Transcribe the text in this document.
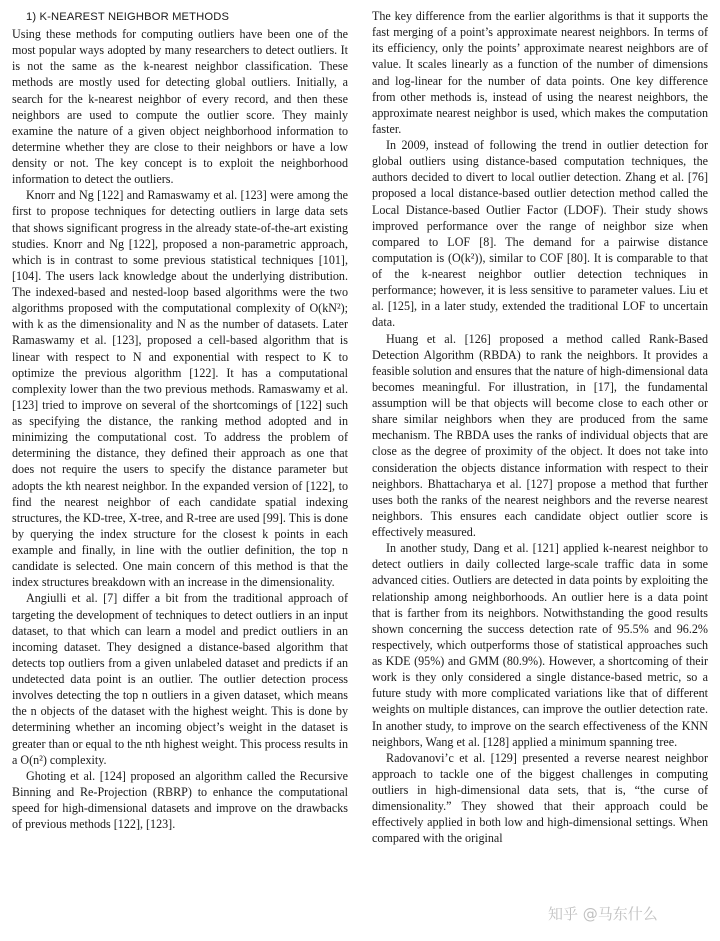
1) K-NEAREST NEIGHBOR METHODS

Using these methods for computing outliers have been one of the most popular ways adopted by many researchers to detect outliers. It is not the same as the k-nearest neighbor classification. These methods are mostly used for detecting global outliers. Initially, a search for the k-nearest neighbor of every record, and then these neighbors are used to compute the outlier score. They mainly examine the nature of a given object neighborhood information to determine whether they are close to their neighbors or have a low density or not. The key concept is to exploit the neighborhood information to detect the outliers.

Knorr and Ng [122] and Ramaswamy et al. [123] were among the first to propose techniques for detecting outliers in large data sets that shows significant progress in the already state-of-the-art existing studies. Knorr and Ng [122], proposed a non-parametric approach, which is in contrast to some previous statistical techniques [101], [104]. The users lack knowledge about the underlying distribution. The indexed-based and nested-loop based algorithms were the two algorithms proposed with the computational complexity of O(kN²); with k as the dimensionality and N as the number of datasets. Later Ramaswamy et al. [123], proposed a cell-based algorithm that is linear with respect to N and exponential with respect to K to optimize the previous algorithm [122]. It has a computational complexity lower than the two previous methods. Ramaswamy et al. [123] tried to improve on several of the shortcomings of [122] such as specifying the distance, the ranking method adopted and in minimizing the computational cost. To address the problem of determining the distance, they defined their approach as one that does not require the users to specify the distance parameter but adopts the kth nearest neighbor. In the expanded version of [122], to find the nearest neighbor of each candidate spatial indexing structures, the KD-tree, X-tree, and R-tree are used [99]. This is done by querying the index structure for the closest k points in each example and finally, in line with the outlier definition, the top n candidate is selected. One main concern of this method is that the index structures breakdown with an increase in the dimensionality.

Angiulli et al. [7] differ a bit from the traditional approach of targeting the development of techniques to detect outliers in an input dataset, to that which can learn a model and predict outliers in an incoming dataset. They designed a distance-based algorithm that detects top outliers from a given unlabeled dataset and predicts if an undetected data point is an outlier. The outlier detection process involves detecting the top n outliers in a given dataset, which means the n objects of the dataset with the highest weight. This is done by determining whether an incoming object’s weight in the dataset is greater than or equal to the nth highest weight. This process results in a O(n²) complexity.

Ghoting et al. [124] proposed an algorithm called the Recursive Binning and Re-Projection (RBRP) to enhance the computational speed for high-dimensional datasets and improve on the drawbacks of previous methods [122], [123].

The key difference from the earlier algorithms is that it supports the fast merging of a point’s approximate nearest neighbors. In terms of its efficiency, only the points’ approximate nearest neighbors are of value. It scales linearly as a function of the number of dimensions and log-linear for the number of data points. One key difference from other methods is, instead of using the nearest neighbors, the approximate nearest neighbor is used, which makes the computation faster.

In 2009, instead of following the trend in outlier detection for global outliers using distance-based computation techniques, the authors decided to divert to local outlier detection. Zhang et al. [76] proposed a local distance-based outlier detection method called the Local Distance-based Outlier Factor (LDOF). Their study shows improved performance over the range of neighbor size when compared to LOF [8]. The demand for a pairwise distance computation is (O(k²)), similar to COF [80]. It is comparable to that of the k-nearest neighbor outlier detection techniques in performance; however, it is less sensitive to parameter values. Liu et al. [125], in a later study, extended the traditional LOF to uncertain data.

Huang et al. [126] proposed a method called Rank-Based Detection Algorithm (RBDA) to rank the neighbors. It provides a feasible solution and ensures that the nature of high-dimensional data becomes meaningful. For illustration, in [17], the fundamental assumption will be that objects will become close to each other or share similar neighbors when they are produced from the same mechanism. The RBDA uses the ranks of individual objects that are close as the degree of proximity of the object. It does not take into consideration the objects distance information with respect to their neighbors. Bhattacharya et al. [127] propose a method that further uses both the ranks of the nearest neighbors and the reverse nearest neighbors. This ensures each candidate object outlier score is effectively measured.

In another study, Dang et al. [121] applied k-nearest neighbor to detect outliers in daily collected large-scale traffic data in some advanced cities. Outliers are detected in data points by exploiting the relationship among neighborhoods. An outlier here is a data point that is farther from its neighbors. Notwithstanding the good results shown concerning the success detection rate of 95.5% and 96.2% respectively, which outperforms those of statistical approaches such as KDE (95%) and GMM (80.9%). However, a shortcoming of their work is they only considered a single distance-based metric, so a future study with more complicated variations like that of different weights on multiple distances, can improve the outlier detection rate. In another study, to improve on the search effectiveness of the KNN neighbors, Wang et al. [128] applied a minimum spanning tree.

Radovanovi’c et al. [129] presented a reverse nearest neighbor approach to tackle one of the biggest challenges in computing outliers in high-dimensional data sets, that is, “the curse of dimensionality.” They showed that their approach could be effectively applied in both low and high-dimensional settings. When compared with the original

知乎 @马东什么
